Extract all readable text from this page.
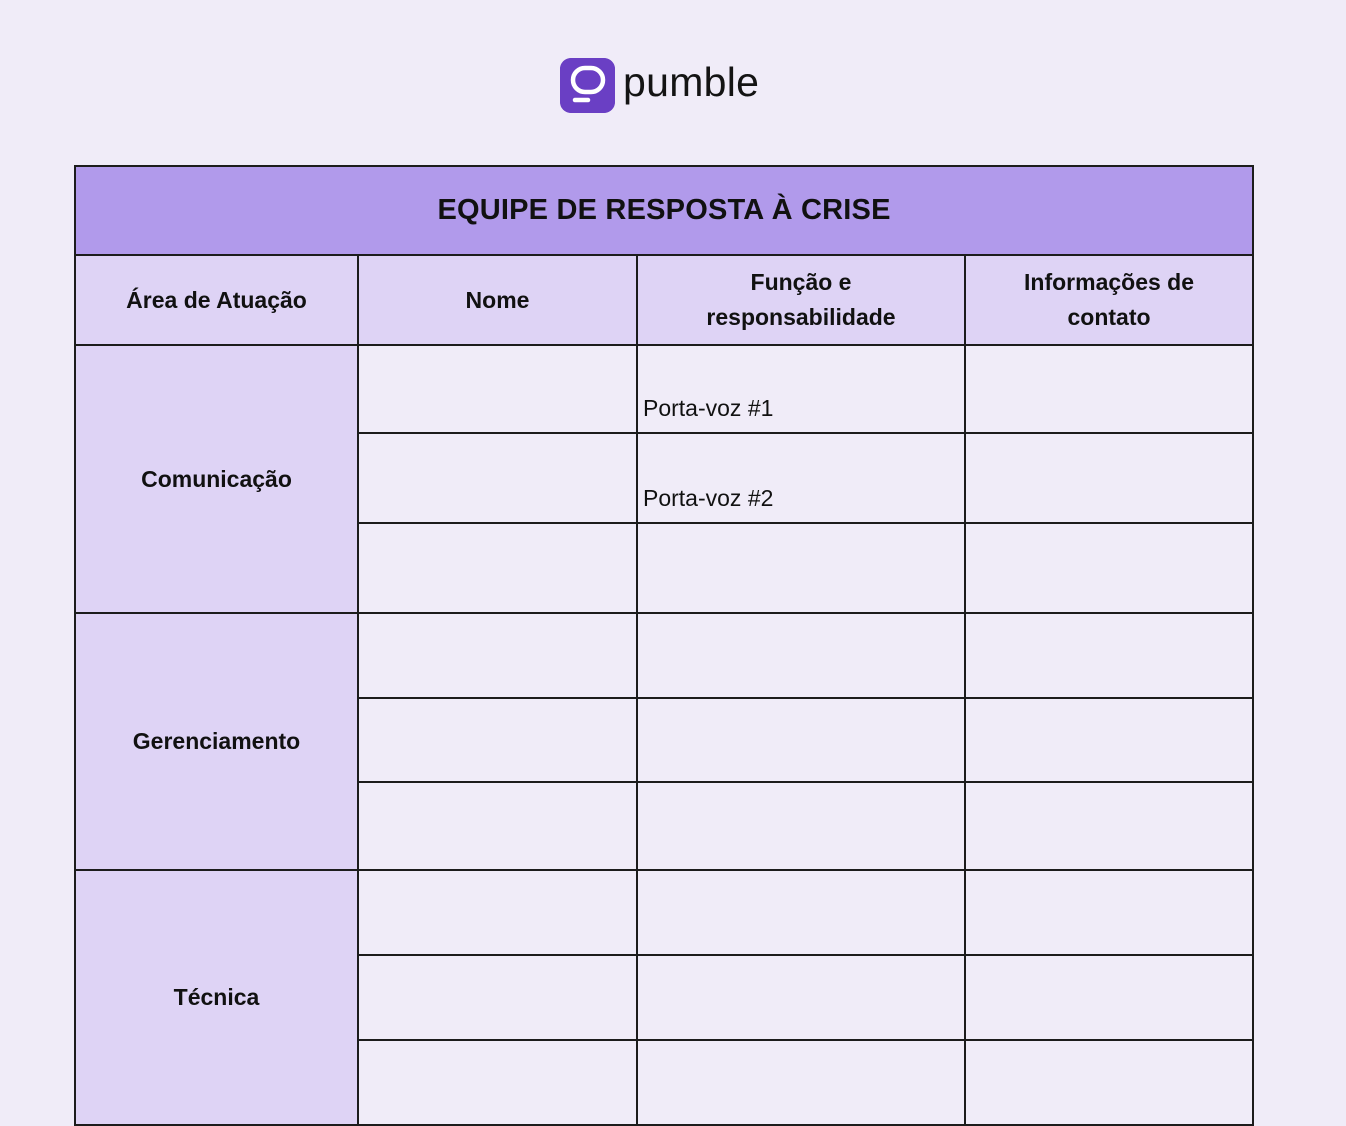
pumble
EQUIPE DE RESPOSTA À CRISE			
Área de Atuação	Nome	Função e responsabilidade	Informações de contato
Comunicação		Porta-voz #1	
		Porta-voz #2	

Gerenciamento			

Técnica			
